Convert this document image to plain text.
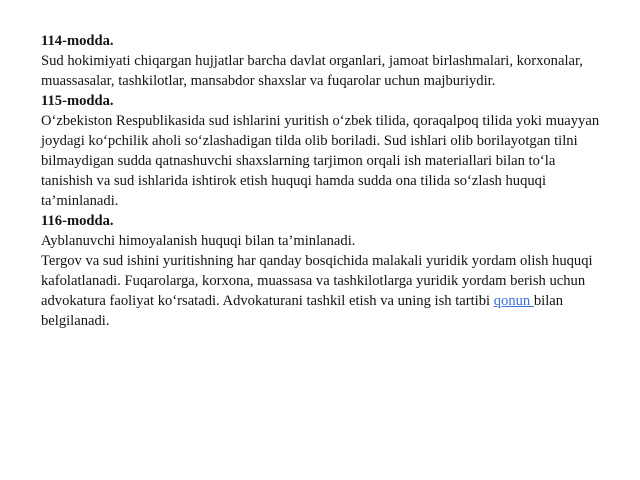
114-modda.
Sud hokimiyati chiqargan hujjatlar barcha davlat organlari, jamoat birlashmalari, korxonalar, muassasalar, tashkilotlar, mansabdor shaxslar va fuqarolar uchun majburiydir.
115-modda.
O‘zbekiston Respublikasida sud ishlarini yuritish o‘zbek tilida, qoraqalpoq tilida yoki muayyan joydagi ko‘pchilik aholi so‘zlashadigan tilda olib boriladi. Sud ishlari olib borilayotgan tilni bilmaydigan sudda qatnashuvchi shaxslarning tarjimon orqali ish materiallari bilan to‘la tanishish va sud ishlarida ishtirok etish huquqi hamda sudda ona tilida so‘zlash huquqi ta’minlanadi.
116-modda.
Ayblanuvchi himoyalanish huquqi bilan ta’minlanadi.
Tergov va sud ishini yuritishning har qanday bosqichida malakali yuridik yordam olish huquqi kafolatlanadi. Fuqarolarga, korxona, muassasa va tashkilotlarga yuridik yordam berish uchun advokatura faoliyat ko‘rsatadi. Advokaturani tashkil etish va uning ish tartibi qonun bilan belgilanadi.
